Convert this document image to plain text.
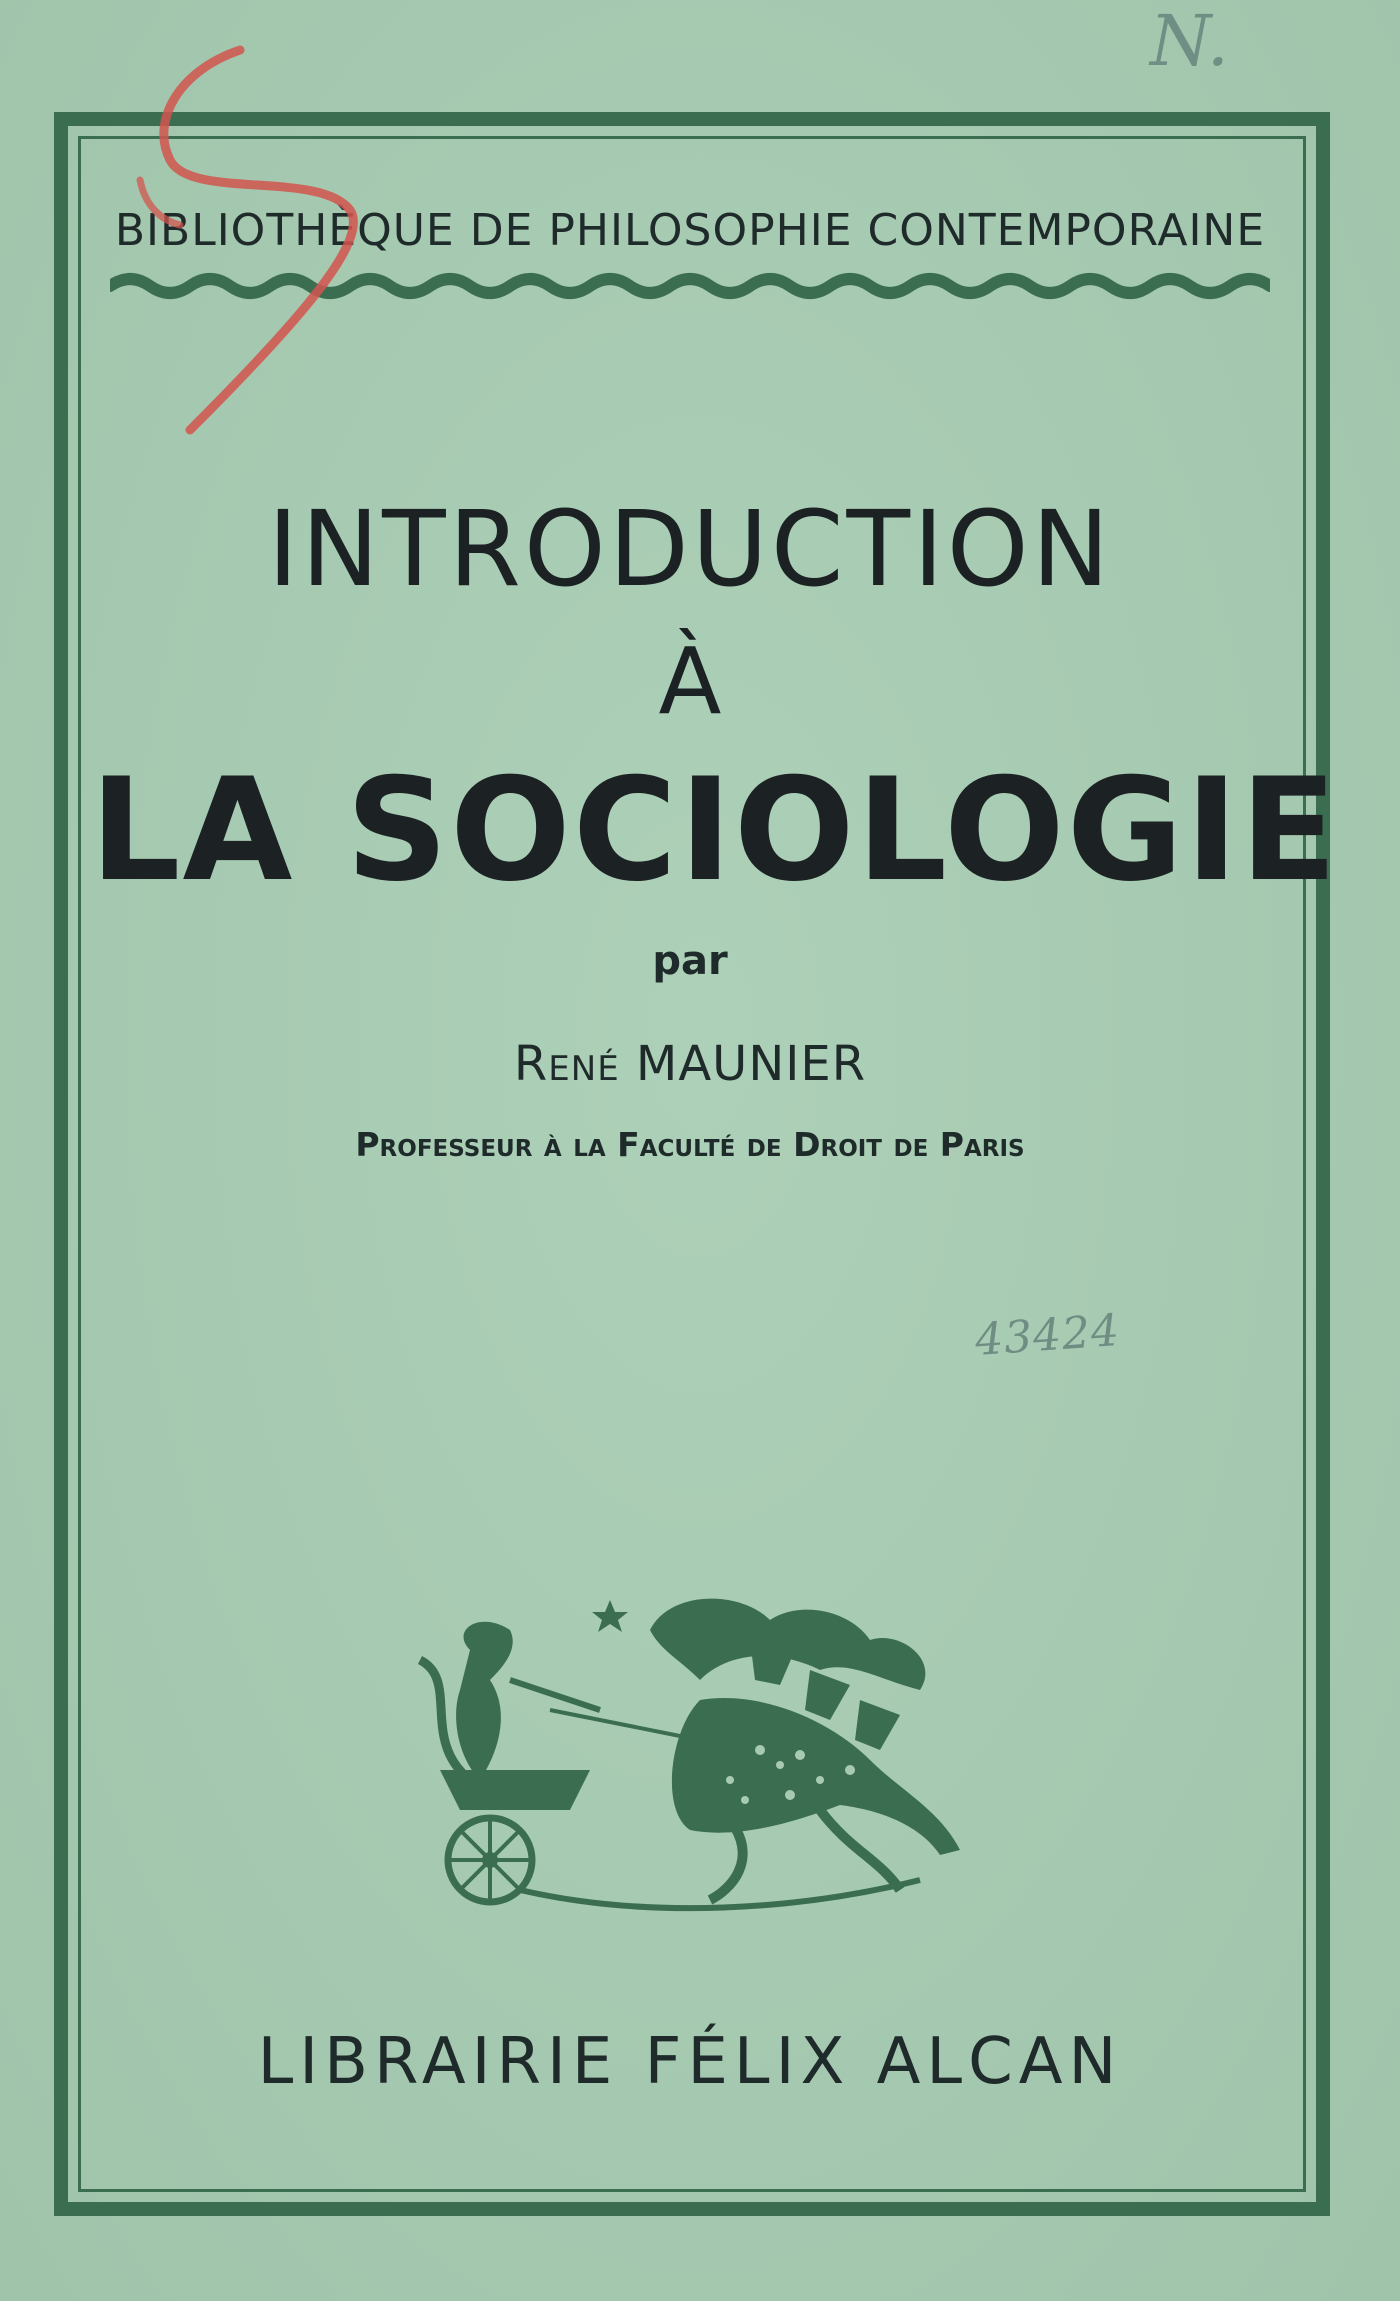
N.
BIBLIOTHÈQUE DE PHILOSOPHIE CONTEMPORAINE
INTRODUCTION
À
LA SOCIOLOGIE
par
René MAUNIER
Professeur à la Faculté de Droit de Paris
43424
LIBRAIRIE FÉLIX ALCAN
